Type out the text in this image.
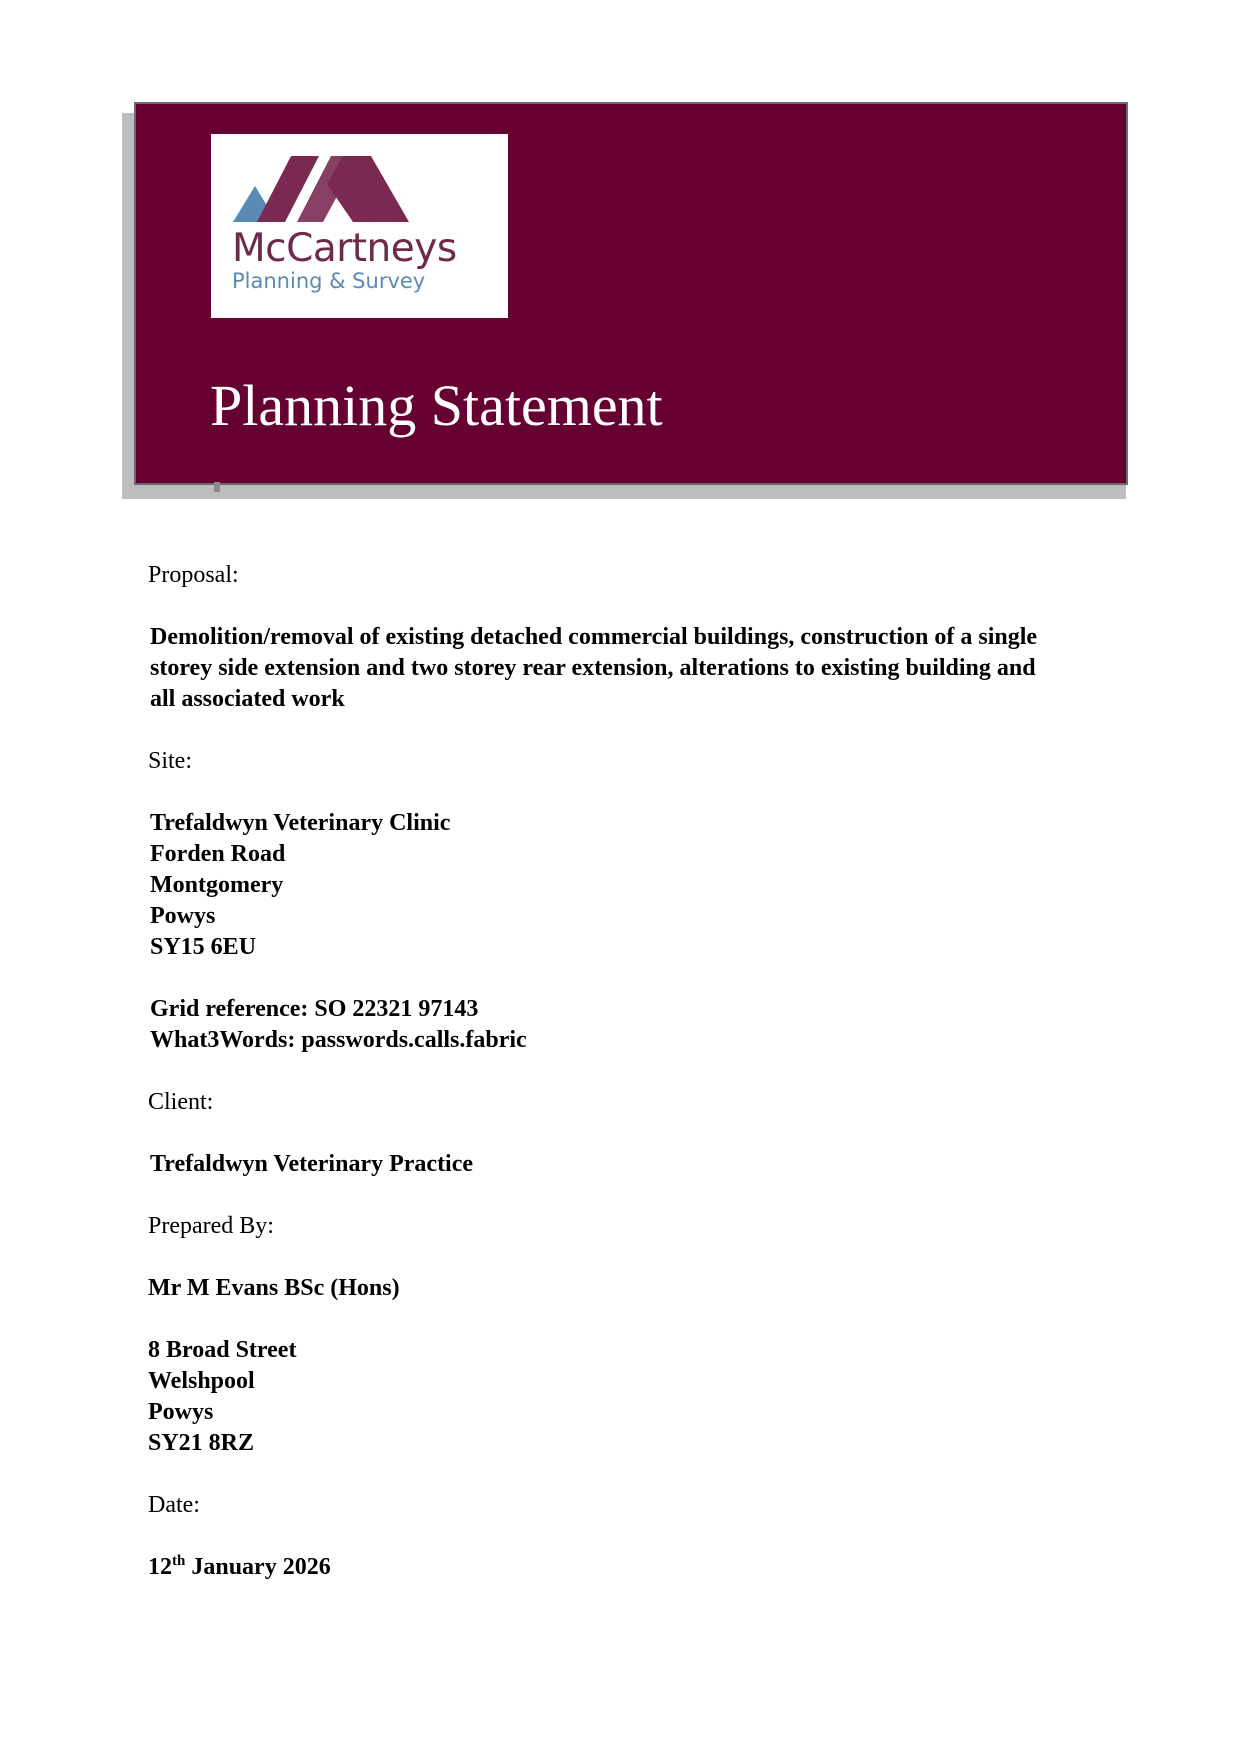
McCartneys
Planning & Survey
Planning Statement

Proposal:

Demolition/removal of existing detached commercial buildings, construction of a single
storey side extension and two storey rear extension, alterations to existing building and
all associated work

Site:

Trefaldwyn Veterinary Clinic
Forden Road
Montgomery
Powys
SY15 6EU

Grid reference: SO 22321 97143
What3Words: passwords.calls.fabric

Client:

Trefaldwyn Veterinary Practice

Prepared By:

Mr M Evans BSc (Hons)

8 Broad Street
Welshpool
Powys
SY21 8RZ

Date:

12th January 2026
